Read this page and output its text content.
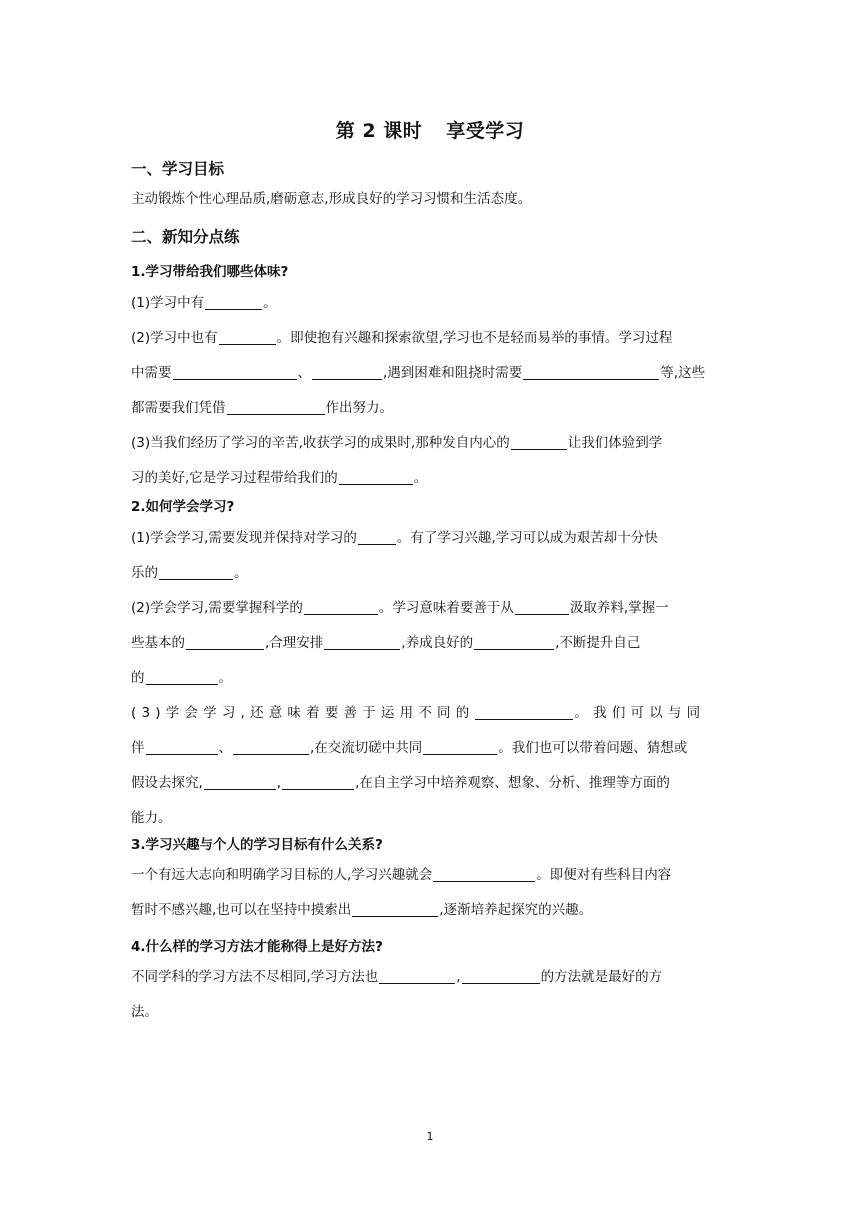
第 2 课时 享受学习
一、学习目标
主动锻炼个性心理品质,磨砺意志,形成良好的学习习惯和生活态度。
二、新知分点练
1.学习带给我们哪些体味?
(1)学习中有	。
(2)学习中也有	。即使抱有兴趣和探索欲望,学习也不是轻而易举的事情。学习过程
中需要	、	,遇到困难和阻挠时需要	等,这些
都需要我们凭借	作出努力。
(3)当我们经历了学习的辛苦,收获学习的成果时,那种发自内心的	让我们体验到学
习的美好,它是学习过程带给我们的	。
2.如何学会学习?
(1)学会学习,需要发现并保持对学习的	。有了学习兴趣,学习可以成为艰苦却十分快
乐的	。
(2)学会学习,需要掌握科学的	。学习意味着要善于从	汲取养料,掌握一
些基本的	,合理安排	,养成良好的	,不断提升自己
的	。
(3)学会学习,还意味着要善于运用不同的	。我们可以与同
伴	、	,在交流切磋中共同	。我们也可以带着问题、猜想或
假设去探究,	,	,在自主学习中培养观察、想象、分析、推理等方面的
能力。
3.学习兴趣与个人的学习目标有什么关系?
一个有远大志向和明确学习目标的人,学习兴趣就会	。即便对有些科目内容
暂时不感兴趣,也可以在坚持中摸索出	,逐渐培养起探究的兴趣。
4.什么样的学习方法才能称得上是好方法?
不同学科的学习方法不尽相同,学习方法也	,	的方法就是最好的方
法。
1
